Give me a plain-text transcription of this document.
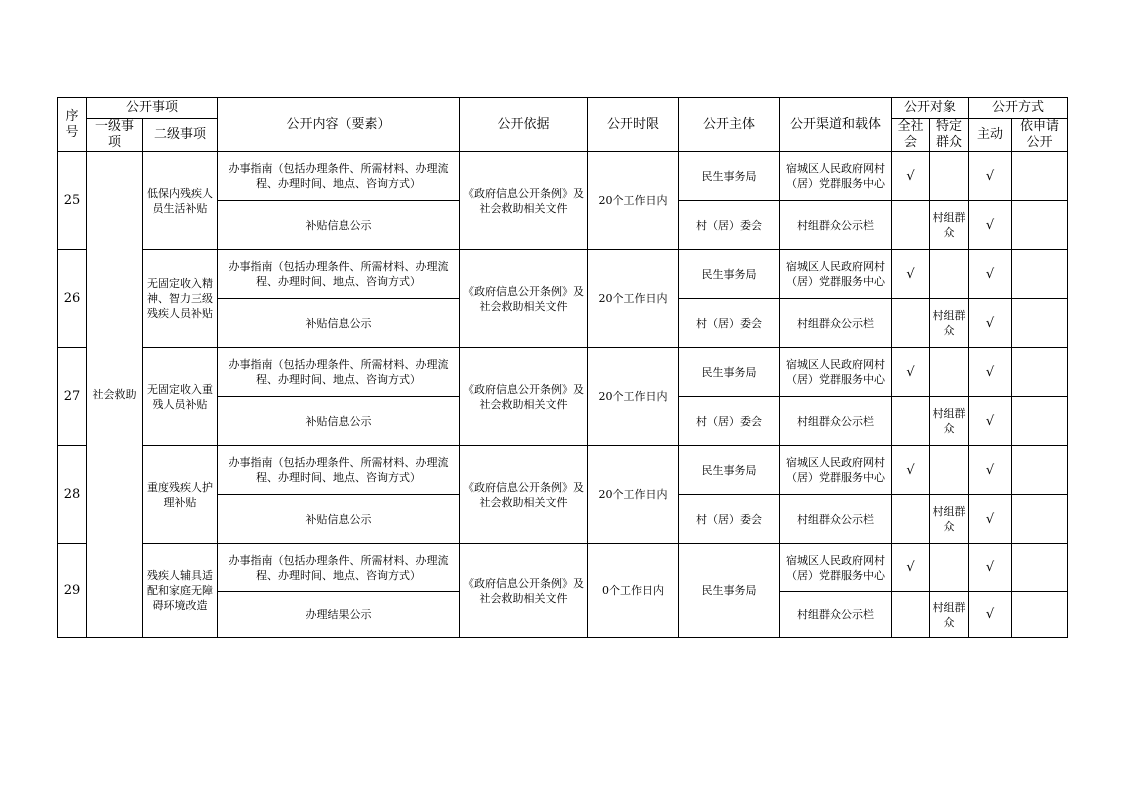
序号	公开事项		公开内容（要素）	公开依据	公开时限	公开主体	公开渠道和载体	公开对象		公开方式	
	一级事项	二级事项						全社会	特定群众	主动	依申请公开
25	社会救助	低保内残疾人员生活补贴	办事指南（包括办理条件、所需材料、办理流程、办理时间、地点、咨询方式）	《政府信息公开条例》及社会救助相关文件	20个工作日内	民生事务局	宿城区人民政府网村（居）党群服务中心	√		√	
			补贴信息公示			村（居）委会	村组群众公示栏		村组群众	√	
26		无固定收入精神、智力三级残疾人员补贴	办事指南（包括办理条件、所需材料、办理流程、办理时间、地点、咨询方式）	《政府信息公开条例》及社会救助相关文件	20个工作日内	民生事务局	宿城区人民政府网村（居）党群服务中心	√		√	
			补贴信息公示			村（居）委会	村组群众公示栏		村组群众	√	
27		无固定收入重残人员补贴	办事指南（包括办理条件、所需材料、办理流程、办理时间、地点、咨询方式）	《政府信息公开条例》及社会救助相关文件	20个工作日内	民生事务局	宿城区人民政府网村（居）党群服务中心	√		√	
			补贴信息公示			村（居）委会	村组群众公示栏		村组群众	√	
28		重度残疾人护理补贴	办事指南（包括办理条件、所需材料、办理流程、办理时间、地点、咨询方式）	《政府信息公开条例》及社会救助相关文件	20个工作日内	民生事务局	宿城区人民政府网村（居）党群服务中心	√		√	
			补贴信息公示			村（居）委会	村组群众公示栏		村组群众	√	
29		残疾人辅具适配和家庭无障碍环境改造	办事指南（包括办理条件、所需材料、办理流程、办理时间、地点、咨询方式）	《政府信息公开条例》及社会救助相关文件	0个工作日内	民生事务局	宿城区人民政府网村（居）党群服务中心	√		√	
			办理结果公示				村组群众公示栏		村组群众	√	
